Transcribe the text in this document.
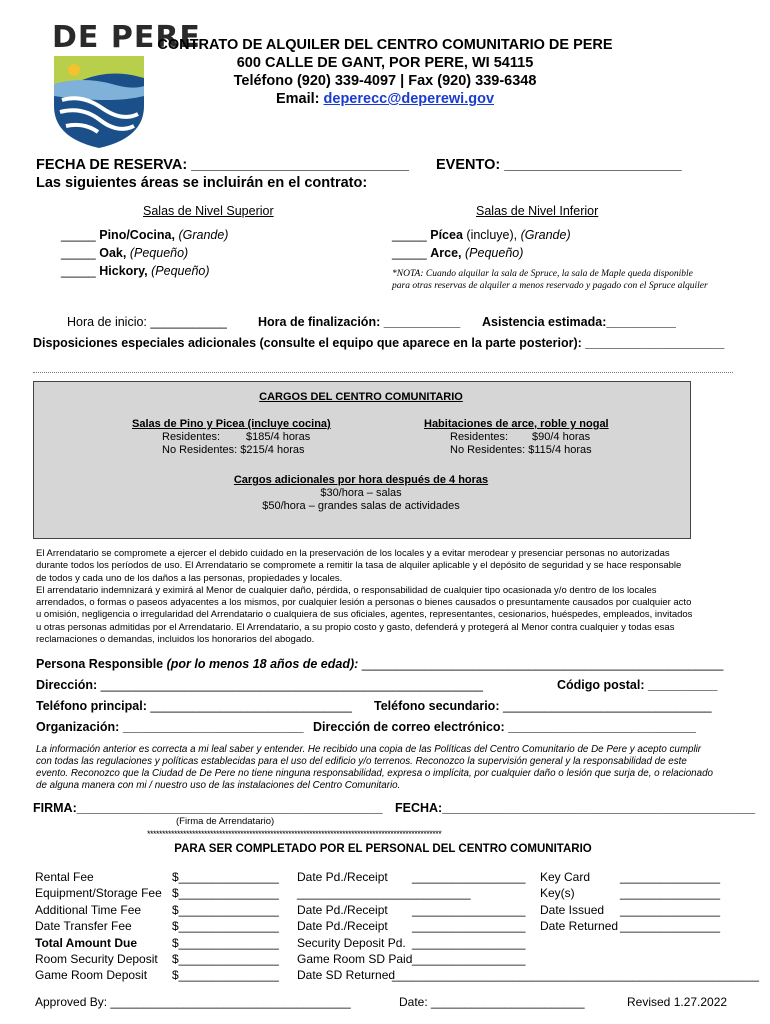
DE PERE
CONTRATO DE ALQUILER DEL CENTRO COMUNITARIO DE PERE
600 CALLE DE GANT, POR PERE, WI 54115
Teléfono (920) 339-4097 | Fax (920) 339-6348
Email: deperecc@deperewi.gov
FECHA DE RESERVA: ___________________________ EVENTO: ______________________
Las siguientes áreas se incluirán en el contrato:
Salas de Nivel Superior
_____ Pino/Cocina, (Grande)
_____ Oak, (Pequeño)
_____ Hickory, (Pequeño)
Salas de Nivel Inferior
_____ Pícea (incluye), (Grande)
_____ Arce, (Pequeño)
*NOTA: Cuando alquilar la sala de Spruce, la sala de Maple queda disponible para otras reservas de alquiler a menos reservado y pagado con el Spruce alquiler
Hora de inicio: ___________ Hora de finalización: ___________ Asistencia estimada:__________
Disposiciones especiales adicionales (consulte el equipo que aparece en la parte posterior): ____________________
CARGOS DEL CENTRO COMUNITARIO
Salas de Pino y Picea (incluye cocina)
Residentes: $185/4 horas
No Residentes: $215/4 horas
Habitaciones de arce, roble y nogal
Residentes: $90/4 horas
No Residentes: $115/4 horas
Cargos adicionales por hora después de 4 horas
$30/hora – salas
$50/hora – grandes salas de actividades
El Arrendatario se compromete a ejercer el debido cuidado en la preservación de los locales y a evitar merodear y presenciar personas no autorizadas
durante todos los períodos de uso. El Arrendatario se compromete a remitir la tasa de alquiler aplicable y el depósito de seguridad y se hace responsable
de todos y cada uno de los daños a las personas, propiedades y locales.
El arrendatario indemnizará y eximirá al Menor de cualquier daño, pérdida, o responsabilidad de cualquier tipo ocasionada y/o dentro de los locales
arrendados, o formas o paseos adyacentes a los mismos, por cualquier lesión a personas o bienes causados o presuntamente causados por cualquier acto
u omisión, negligencia o irregularidad del Arrendatario o cualquiera de sus oficiales, agentes, representantes, cesionarios, huéspedes, empleados, invitados
u otras personas admitidas por el Arrendatario. El Arrendatario, a su propio costo y gasto, defenderá y protegerá al Menor contra cualquier y todas esas
reclamaciones o demandas, incluidos los honorarios del abogado.
Persona Responsible (por lo menos 18 años de edad): ____________________________________________________
Dirección: _______________________________________________________	Código postal: __________
Teléfono principal: _____________________________ Teléfono secundario: ______________________________
Organización: __________________________ Dirección de correo electrónico: ___________________________
La información anterior es correcta a mi leal saber y entender. He recibido una copia de las Políticas del Centro Comunitario de De Pere y acepto cumplir
con todas las regulaciones y políticas establecidas para el uso del edificio y/o terrenos. Reconozco la supervisión general y la responsabilidad de este
evento. Reconozco que la Ciudad de De Pere no tiene ninguna responsabilidad, expresa o implícita, por cualquier daño o lesión que surja de, o relacionado
de alguna manera con mi / nuestro uso de las instalaciones del Centro Comunitario.
FIRMA:____________________________________________ FECHA:_____________________________________________
(Firma de Arrendatario)
**************************************************************************************************
PARA SER COMPLETADO POR EL PERSONAL DEL CENTRO COMUNITARIO
Rental Fee	$_______________ Date Pd./Receipt _________________ Key Card _______________
Equipment/Storage Fee $_______________ __________________________	Key(s)	_______________
Additional Time Fee	$_______________ Date Pd./Receipt _________________ Date Issued _______________
Date Transfer Fee	$_______________ Date Pd./Receipt _________________ Date Returned _______________
Total Amount Due	$_______________ Security Deposit Pd. _________________
Room Security Deposit $_______________ Game Room SD Paid _________________
Game Room Deposit $_______________ Date SD Returned
_______________________________________________________
Approved By: ____________________________________	Date: _______________________	Revised 1.27.2022
